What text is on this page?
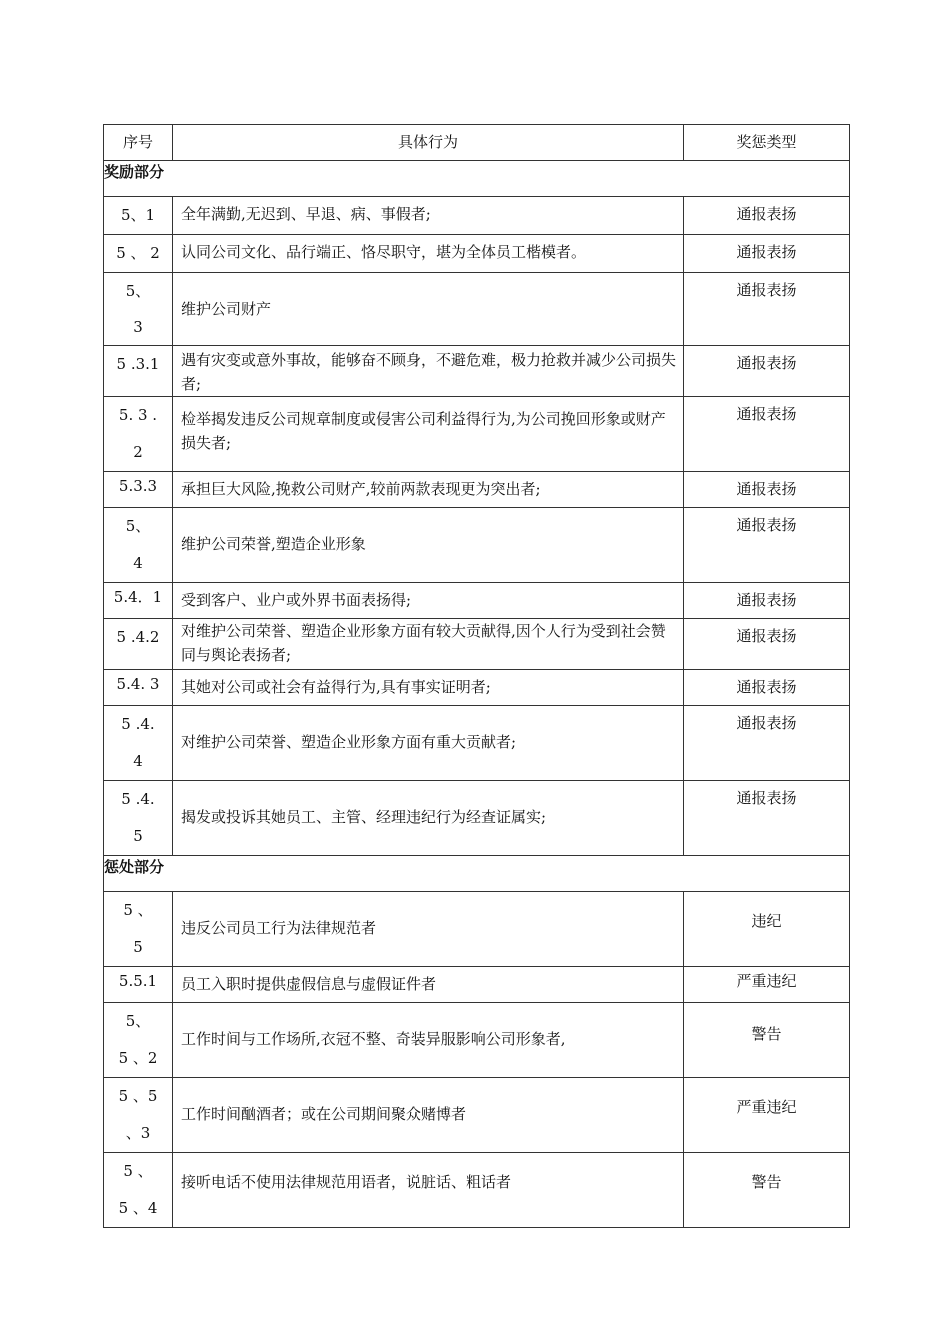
序号	具体行为	奖惩类型

奖励部分		

5、1	全年满勤,无迟到、早退、病、事假者;	通报表扬

5 、 2	认同公司文化、品行端正、恪尽职守，堪为全体员工楷模者。	通报表扬

5、
3	维护公司财产	通报表扬

5 .3.1	遇有灾变或意外事故，能够奋不顾身，不避危难，极力抢救并减少公司损失者;	通报表扬

5. 3 .
2	检举揭发违反公司规章制度或侵害公司利益得行为,为公司挽回形象或财产损失者;	通报表扬

5.3.3	承担巨大风险,挽救公司财产,较前两款表现更为突出者;	通报表扬

5、
4	维护公司荣誉,塑造企业形象	通报表扬

5.4．1	受到客户、业户或外界书面表扬得;	通报表扬

5 .4.2	对维护公司荣誉、塑造企业形象方面有较大贡献得,因个人行为受到社会赞同与舆论表扬者;	通报表扬

5.4. 3	其她对公司或社会有益得行为,具有事实证明者;	通报表扬

5 .4.
4	对维护公司荣誉、塑造企业形象方面有重大贡献者;	通报表扬

5 .4.
5	揭发或投诉其她员工、主管、经理违纪行为经查证属实;	通报表扬

惩处部分		

5 、
5	违反公司员工行为法律规范者	违纪

5.5.1	员工入职时提供虚假信息与虚假证件者	严重违纪

5、
5 、2	工作时间与工作场所,衣冠不整、奇装异服影响公司形象者,	警告

5 、5
、3	工作时间酗酒者；或在公司期间聚众赌博者	严重违纪

5 、
5 、4	接听电话不使用法律规范用语者，说脏话、粗话者	警告
